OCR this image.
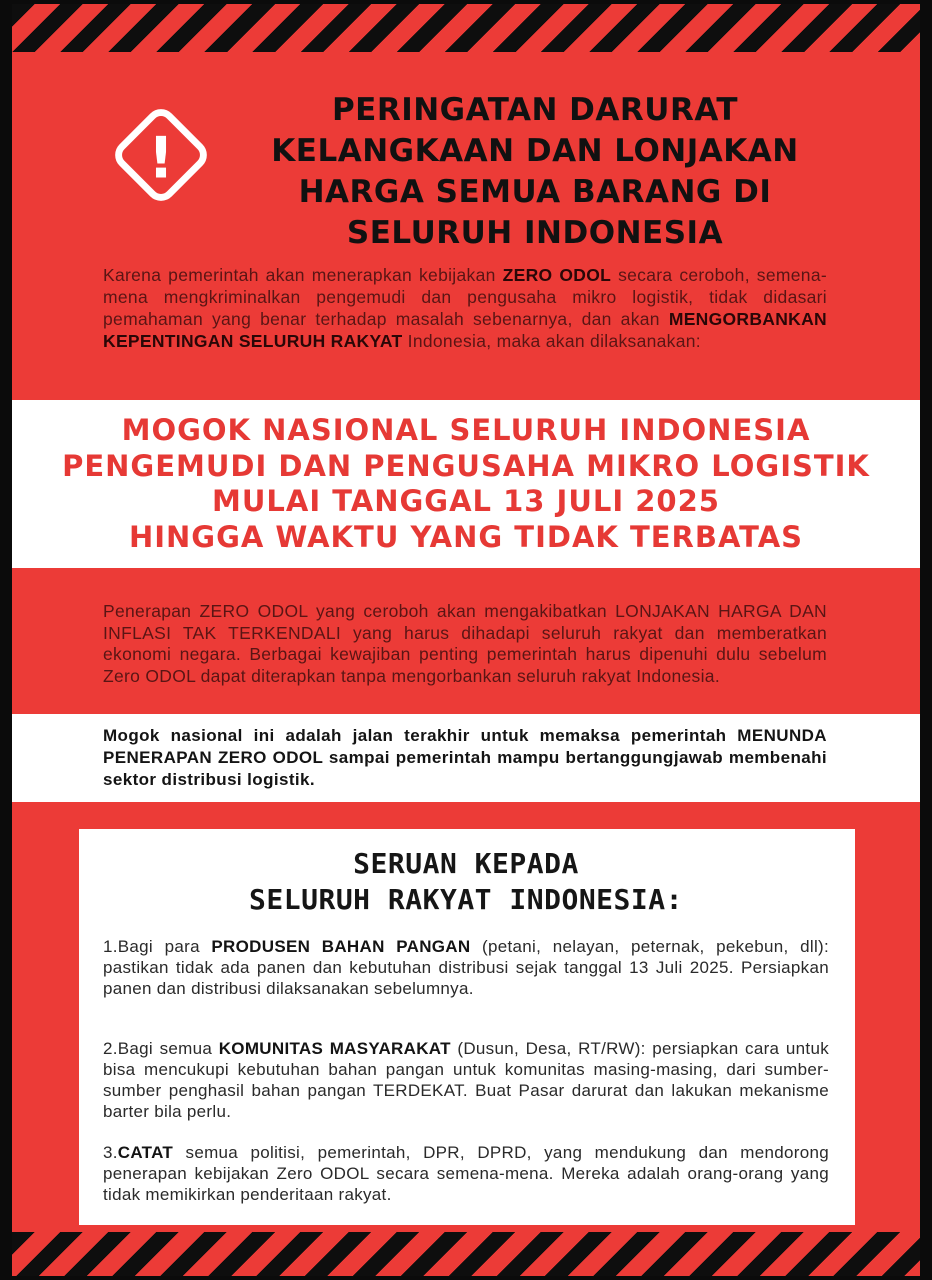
!
PERINGATAN DARURAT
KELANGKAAN DAN LONJAKAN
HARGA SEMUA BARANG DI
SELURUH INDONESIA
Karena pemerintah akan menerapkan kebijakan ZERO ODOL secara ceroboh, semena-mena mengkriminalkan pengemudi dan pengusaha mikro logistik, tidak didasari pemahaman yang benar terhadap masalah sebenarnya, dan akan MENGORBANKAN KEPENTINGAN SELURUH RAKYAT Indonesia, maka akan dilaksanakan:
MOGOK NASIONAL SELURUH INDONESIA
PENGEMUDI DAN PENGUSAHA MIKRO LOGISTIK
MULAI TANGGAL 13 JULI 2025
HINGGA WAKTU YANG TIDAK TERBATAS
Penerapan ZERO ODOL yang ceroboh akan mengakibatkan LONJAKAN HARGA DAN INFLASI TAK TERKENDALI yang harus dihadapi seluruh rakyat dan memberatkan ekonomi negara. Berbagai kewajiban penting pemerintah harus dipenuhi dulu sebelum Zero ODOL dapat diterapkan tanpa mengorbankan seluruh rakyat Indonesia.
Mogok nasional ini adalah jalan terakhir untuk memaksa pemerintah MENUNDA PENERAPAN ZERO ODOL sampai pemerintah mampu bertanggungjawab membenahi sektor distribusi logistik.
SERUAN KEPADA
SELURUH RAKYAT INDONESIA:
1.Bagi para PRODUSEN BAHAN PANGAN (petani, nelayan, peternak, pekebun, dll): pastikan tidak ada panen dan kebutuhan distribusi sejak tanggal 13 Juli 2025. Persiapkan panen dan distribusi dilaksanakan sebelumnya.
2.Bagi semua KOMUNITAS MASYARAKAT (Dusun, Desa, RT/RW): persiapkan cara untuk bisa mencukupi kebutuhan bahan pangan untuk komunitas masing-masing, dari sumber-sumber penghasil bahan pangan TERDEKAT. Buat Pasar darurat dan lakukan mekanisme barter bila perlu.
3.CATAT semua politisi, pemerintah, DPR, DPRD, yang mendukung dan mendorong penerapan kebijakan Zero ODOL secara semena-mena. Mereka adalah orang-orang yang tidak memikirkan penderitaan rakyat.
